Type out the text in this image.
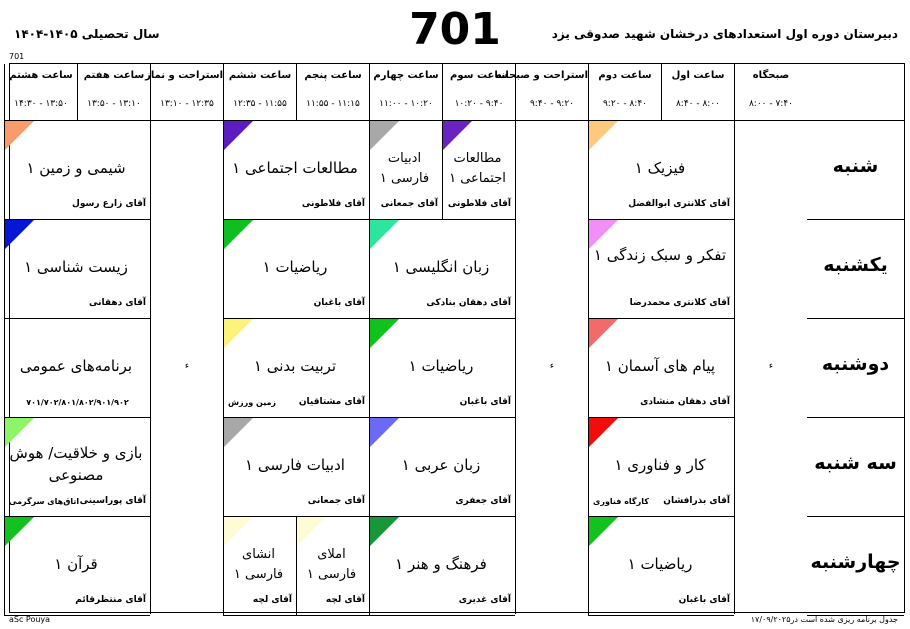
701	دبیرستان دوره اول استعدادهای درخشان شهید صدوقی یزد
سال تحصیلی ۱۴۰۵-۱۴۰۴
701
صبحگاه
۸:۰۰ - ۷:۴۰
ساعت اول
۸:۴۰ - ۸:۰۰
ساعت دوم
۹:۲۰ - ۸:۴۰
استراحت و صبحانه
۹:۴۰ - ۹:۲۰
ساعت سوم
۱۰:۲۰ - ۹:۴۰
ساعت چهارم
۱۱:۰۰ - ۱۰:۲۰
ساعت پنجم
۱۱:۵۵ - ۱۱:۱۵
ساعت ششم
۱۲:۳۵ - ۱۱:۵۵
استراحت و نماز
۱۳:۱۰ - ۱۲:۳۵
ساعت هفتم
۱۳:۵۰ - ۱۳:۱۰
ساعت هشتم
۱۴:۳۰ - ۱۳:۵۰
شنبه
یکشنبه
دوشنبه
سه شنبه
چهارشنبه
ء
ء
ء
فیزیک ۱
آقای کلانتری ابوالفضل
مطالعات اجتماعی ۱
آقای فلاطونی
ادبیات فارسی ۱
آقای جمعانی
مطالعات اجتماعی ۱
آقای فلاطونی
شیمی و زمین ۱
آقای زارع رسول
تفکر و سبک زندگی ۱
آقای کلانتری محمدرضا
زبان انگلیسی ۱
آقای دهقان بنادکی
ریاضیات ۱
آقای باغبان
زیست شناسی ۱
آقای دهقانی
پیام های آسمان ۱
آقای دهقان منشادی
ریاضیات ۱
آقای باغبان
تربیت بدنی ۱
آقای مشتاقیان
زمین ورزش
برنامه‌های عمومی
۷۰۱/۷۰۲/۸۰۱/۸۰۲/۹۰۱/۹۰۲
کار و فناوری ۱
آقای بذرافشان
کارگاه فناوری
زبان عربی ۱
آقای جعفری
ادبیات فارسی ۱
آقای جمعانی
بازی و خلاقیت/ هوش مصنوعی
آقای پوراسینی
اتاق‌های سرگرمی
ریاضیات ۱
آقای باغبان
فرهنگ و هنر ۱
آقای غدیری
املای فارسی ۱
آقای لچه
انشای فارسی ۱
آقای لچه
قرآن ۱
آقای منتظرقائم
aSc Pouya	جدول برنامه ریزی شده است در۱۷/۰۹/۲۰۲۵
